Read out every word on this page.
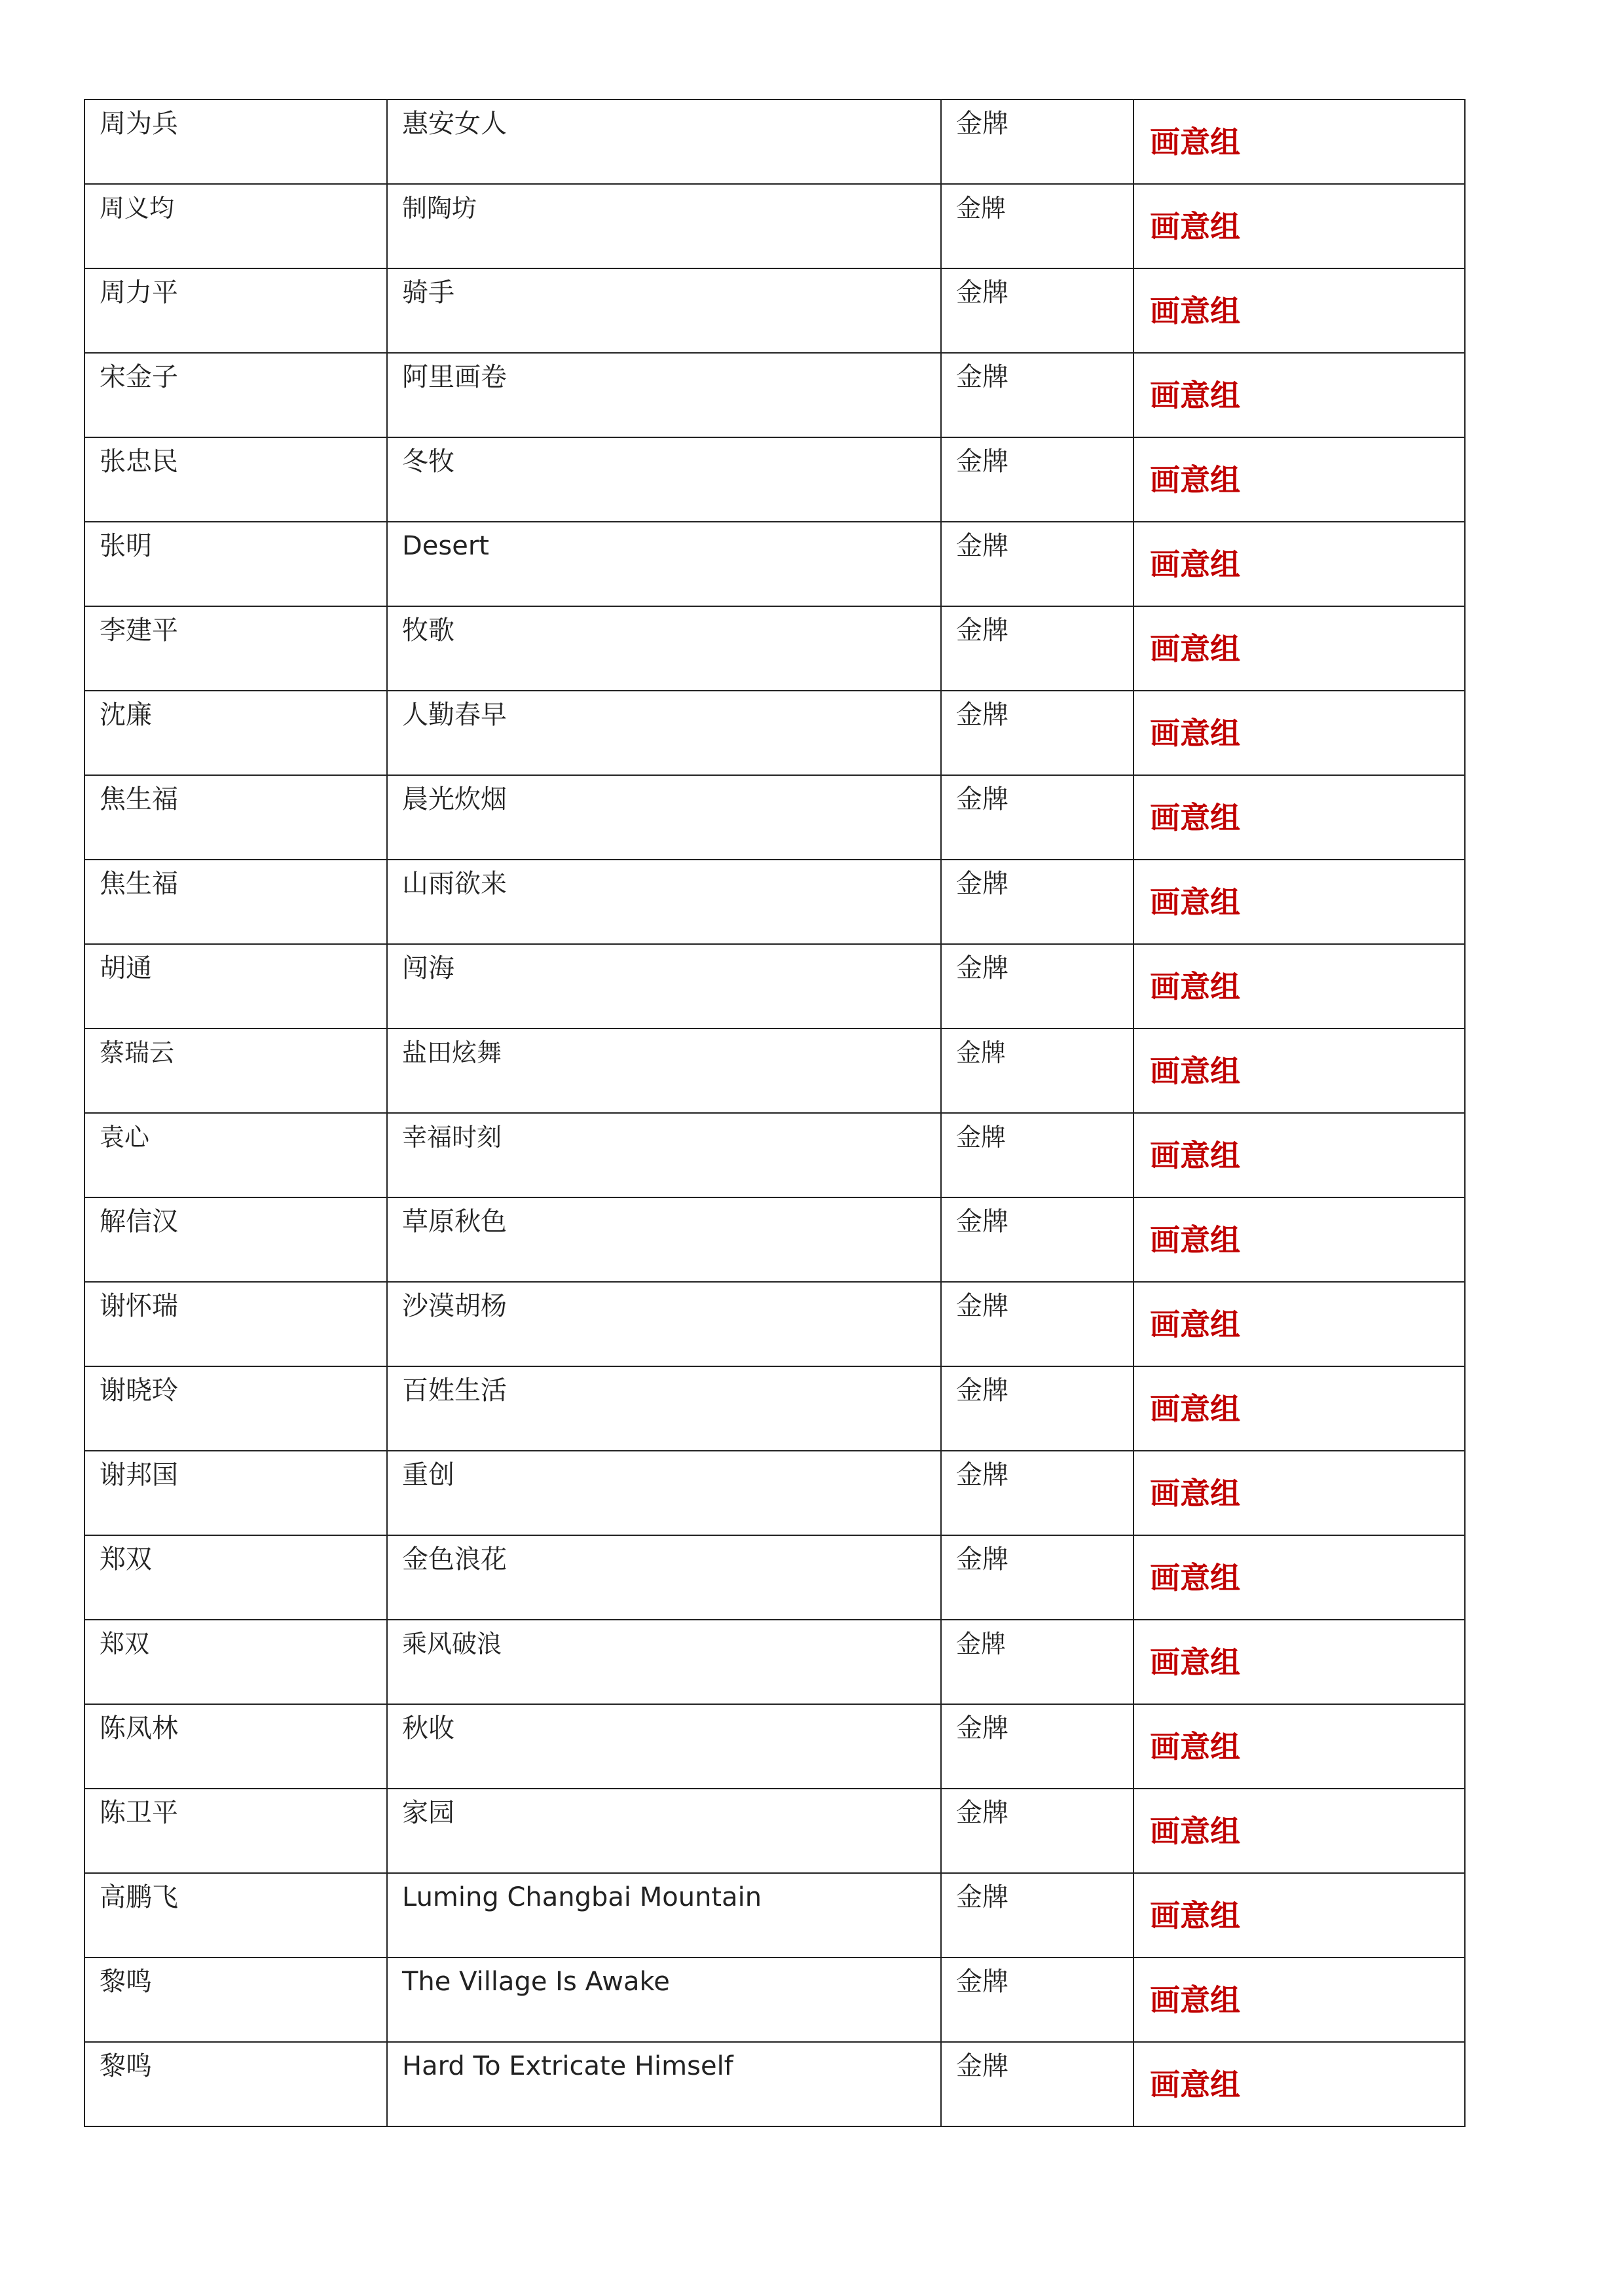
周为兵	惠安女人	金牌	画意组

周义均	制陶坊	金牌	画意组

周力平	骑手	金牌	画意组

宋金子	阿里画卷	金牌	画意组

张忠民	冬牧	金牌	画意组

张明	Desert	金牌	画意组

李建平	牧歌	金牌	画意组

沈廉	人勤春早	金牌	画意组

焦生福	晨光炊烟	金牌	画意组

焦生福	山雨欲来	金牌	画意组

胡通	闯海	金牌	画意组

蔡瑞云	盐田炫舞	金牌	画意组

袁心	幸福时刻	金牌	画意组

解信汉	草原秋色	金牌	画意组

谢怀瑞	沙漠胡杨	金牌	画意组

谢晓玲	百姓生活	金牌	画意组

谢邦国	重创	金牌	画意组

郑双	金色浪花	金牌	画意组

郑双	乘风破浪	金牌	画意组

陈凤林	秋收	金牌	画意组

陈卫平	家园	金牌	画意组

高鹏飞	Luming Changbai Mountain	金牌	画意组

黎鸣	The Village Is Awake	金牌	画意组

黎鸣	Hard To Extricate Himself	金牌	画意组
